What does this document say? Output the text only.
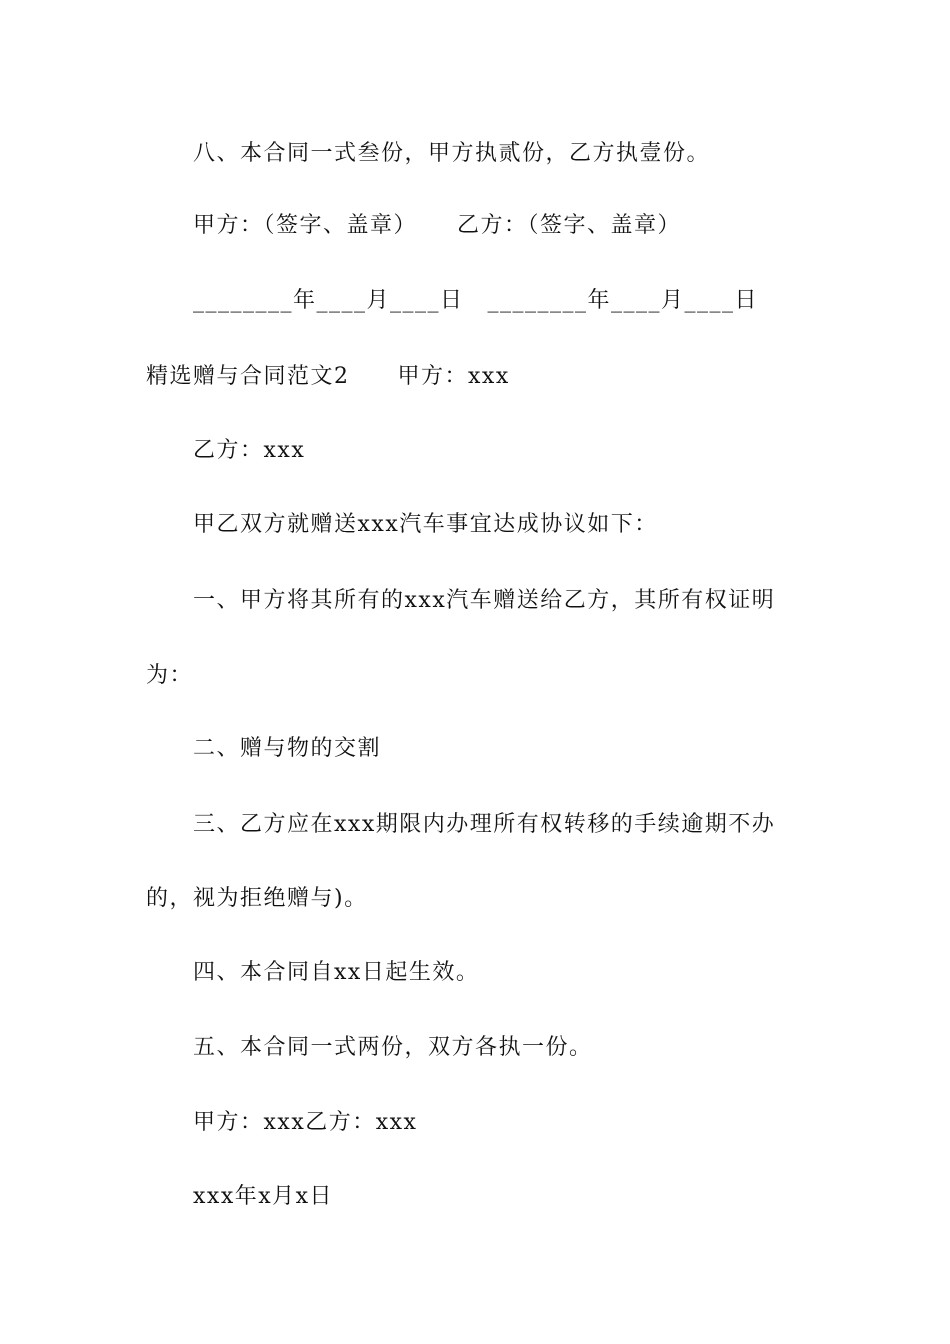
八、本合同一式叁份，甲方执贰份，乙方执壹份。
甲方：（签字、盖章） 乙方：（签字、盖章）
________年____月____日 ________年____月____日
精选赠与合同范文2 甲方：xxx
乙方：xxx
甲乙双方就赠送xxx汽车事宜达成协议如下：
一、甲方将其所有的xxx汽车赠送给乙方，其所有权证明
为：
二、赠与物的交割
三、乙方应在xxx期限内办理所有权转移的手续逾期不办
的，视为拒绝赠与)。
四、本合同自xx日起生效。
五、本合同一式两份，双方各执一份。
甲方：xxx乙方：xxx
xxx年x月x日
